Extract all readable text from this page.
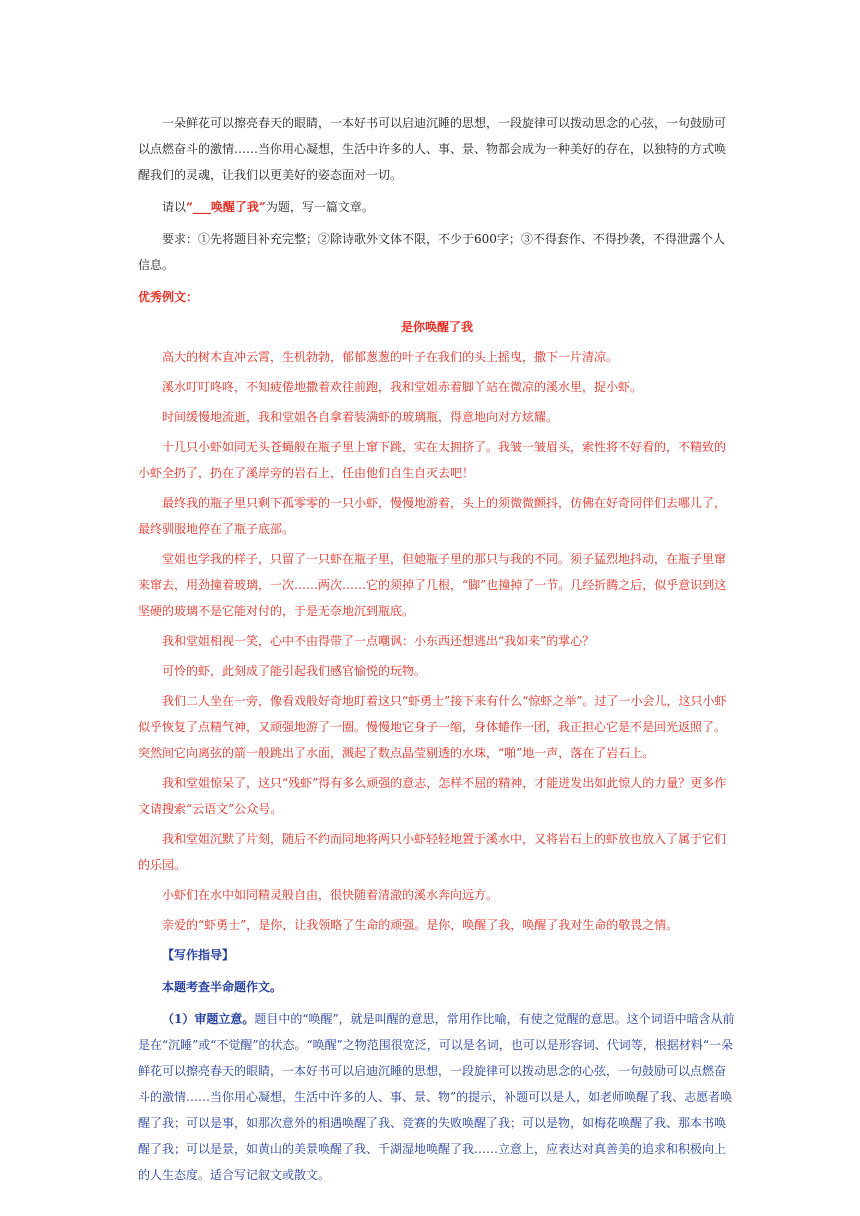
一朵鲜花可以擦亮春天的眼睛，一本好书可以启迪沉睡的思想，一段旋律可以拨动思念的心弦，一句鼓励可以点燃奋斗的激情……当你用心凝想，生活中许多的人、事、景、物都会成为一种美好的存在，以独特的方式唤醒我们的灵魂，让我们以更美好的姿态面对一切。

请以“___唤醒了我”为题，写一篇文章。

要求：①先将题目补充完整；②除诗歌外文体不限，不少于600字；③不得套作、不得抄袭，不得泄露个人信息。

优秀例文：

是你唤醒了我

高大的树木直冲云霄，生机勃勃，郁郁葱葱的叶子在我们的头上摇曳，撒下一片清凉。

溪水叮叮咚咚，不知疲倦地撒着欢往前跑，我和堂姐赤着脚丫站在微凉的溪水里，捉小虾。

时间缓慢地流逝，我和堂姐各自拿着装满虾的玻璃瓶，得意地向对方炫耀。

十几只小虾如同无头苍蝇般在瓶子里上窜下跳，实在太拥挤了。我皱一皱眉头，索性将不好看的，不精致的小虾全扔了，扔在了溪岸旁的岩石上，任由他们自生自灭去吧！

最终我的瓶子里只剩下孤零零的一只小虾，慢慢地游着，头上的须微微颤抖，仿佛在好奇同伴们去哪儿了，最终驯服地停在了瓶子底部。

堂姐也学我的样子，只留了一只虾在瓶子里，但她瓶子里的那只与我的不同。须子猛烈地抖动，在瓶子里窜来窜去，用劲撞着玻璃，一次……两次……它的须掉了几根，“脚”也撞掉了一节。几经折腾之后，似乎意识到这坚硬的玻璃不是它能对付的，于是无奈地沉到瓶底。

我和堂姐相视一笑，心中不由得带了一点嘲讽：小东西还想逃出“我如来”的掌心？

可怜的虾，此刻成了能引起我们感官愉悦的玩物。

我们二人坐在一旁，像看戏般好奇地盯着这只“虾勇士”接下来有什么“惊虾之举”。过了一小会儿，这只小虾似乎恢复了点精气神，又顽强地游了一圈。慢慢地它身子一缩，身体蜷作一团，我正担心它是不是回光返照了。突然间它向离弦的箭一般跳出了水面，溅起了数点晶莹剔透的水珠，“啪”地一声，落在了岩石上。

我和堂姐惊呆了，这只“残虾”得有多么顽强的意志，怎样不屈的精神，才能迸发出如此惊人的力量？更多作文请搜索“云语文”公众号。

我和堂姐沉默了片刻，随后不约而同地将两只小虾轻轻地置于溪水中，又将岩石上的虾放也放入了属于它们的乐园。

小虾们在水中如同精灵般自由，很快随着清澈的溪水奔向远方。

亲爱的“虾勇士”，是你，让我领略了生命的顽强。是你，唤醒了我，唤醒了我对生命的敬畏之情。

【写作指导】

本题考查半命题作文。

（1）审题立意。题目中的“唤醒”，就是叫醒的意思，常用作比喻，有使之觉醒的意思。这个词语中暗含从前是在“沉睡”或“不觉醒”的状态。“唤醒”之物范围很宽泛，可以是名词，也可以是形容词、代词等，根据材料“一朵鲜花可以擦亮春天的眼睛，一本好书可以启迪沉睡的思想，一段旋律可以拨动思念的心弦，一句鼓励可以点燃奋斗的激情……当你用心凝想，生活中许多的人、事、景、物”的提示，补题可以是人，如老师唤醒了我、志愿者唤醒了我；可以是事，如那次意外的相遇唤醒了我、竞赛的失败唤醒了我；可以是物，如梅花唤醒了我、那本书唤醒了我；可以是景，如黄山的美景唤醒了我、千湖湿地唤醒了我……立意上，应表达对真善美的追求和积极向上的人生态度。适合写记叙文或散文。
